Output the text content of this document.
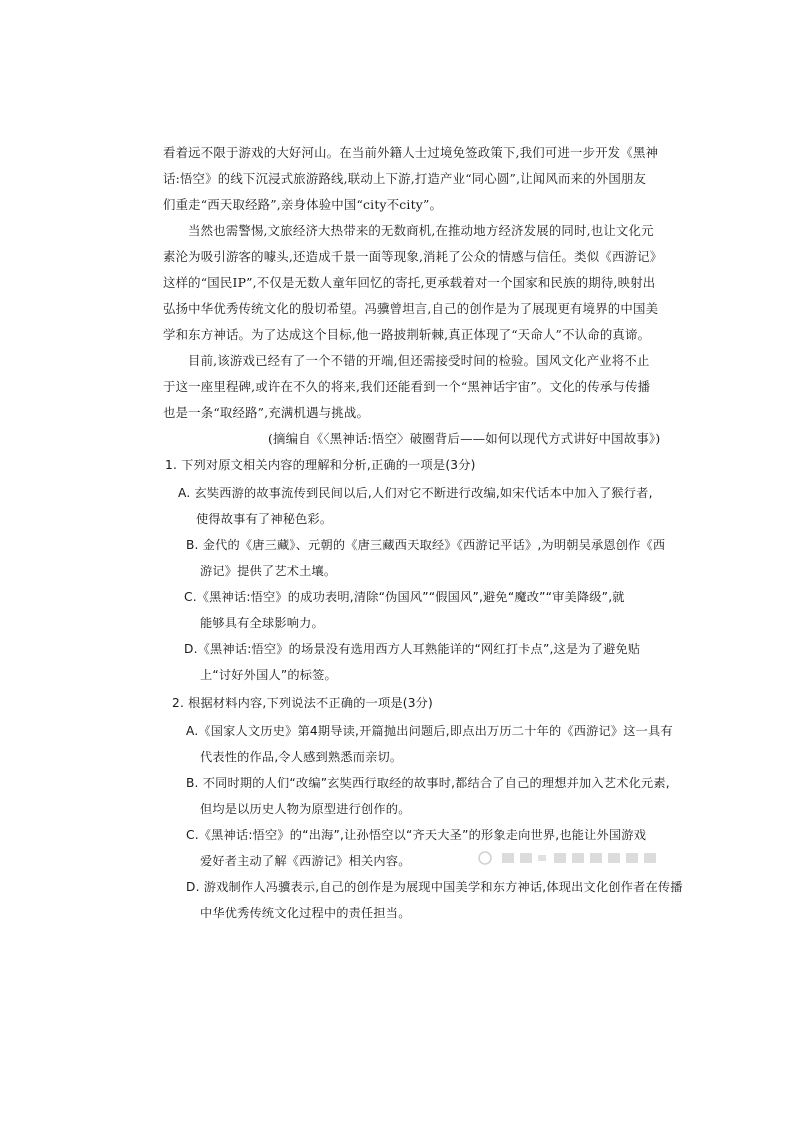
看着远不限于游戏的大好河山。在当前外籍人士过境免签政策下,我们可进一步开发《黑神
话:悟空》的线下沉浸式旅游路线,联动上下游,打造产业“同心圆”,让闻风而来的外国朋友
们重走“西天取经路”,亲身体验中国“city不city”。
当然也需警惕,文旅经济大热带来的无数商机,在推动地方经济发展的同时,也让文化元
素沦为吸引游客的噱头,还造成千景一面等现象,消耗了公众的情感与信任。类似《西游记》
这样的“国民IP”,不仅是无数人童年回忆的寄托,更承载着对一个国家和民族的期待,映射出
弘扬中华优秀传统文化的殷切希望。冯骥曾坦言,自己的创作是为了展现更有境界的中国美
学和东方神话。为了达成这个目标,他一路披荆斩棘,真正体现了“天命人”不认命的真谛。
目前,该游戏已经有了一个不错的开端,但还需接受时间的检验。国风文化产业将不止
于这一座里程碑,或许在不久的将来,我们还能看到一个“黑神话宇宙”。文化的传承与传播
也是一条“取经路”,充满机遇与挑战。
(摘编自《〈黑神话:悟空〉破圈背后——如何以现代方式讲好中国故事》)
1. 下列对原文相关内容的理解和分析,正确的一项是(3分)
A. 玄奘西游的故事流传到民间以后,人们对它不断进行改编,如宋代话本中加入了猴行者,
使得故事有了神秘色彩。
B. 金代的《唐三藏》、元朝的《唐三藏西天取经》《西游记平话》,为明朝吴承恩创作《西
游记》提供了艺术土壤。
C.《黑神话:悟空》的成功表明,清除“伪国风”“假国风”,避免“魔改”“审美降级”,就
能够具有全球影响力。
D.《黑神话:悟空》的场景没有选用西方人耳熟能详的“网红打卡点”,这是为了避免贴
上“讨好外国人”的标签。
2. 根据材料内容,下列说法不正确的一项是(3分)
A.《国家人文历史》第4期导读,开篇抛出问题后,即点出万历二十年的《西游记》这一具有
代表性的作品,令人感到熟悉而亲切。
B. 不同时期的人们“改编”玄奘西行取经的故事时,都结合了自己的理想并加入艺术化元素,
但均是以历史人物为原型进行创作的。
C.《黑神话:悟空》的“出海”,让孙悟空以“齐天大圣”的形象走向世界,也能让外国游戏
爱好者主动了解《西游记》相关内容。
D. 游戏制作人冯骥表示,自己的创作是为展现中国美学和东方神话,体现出文化创作者在传播
中华优秀传统文化过程中的责任担当。
